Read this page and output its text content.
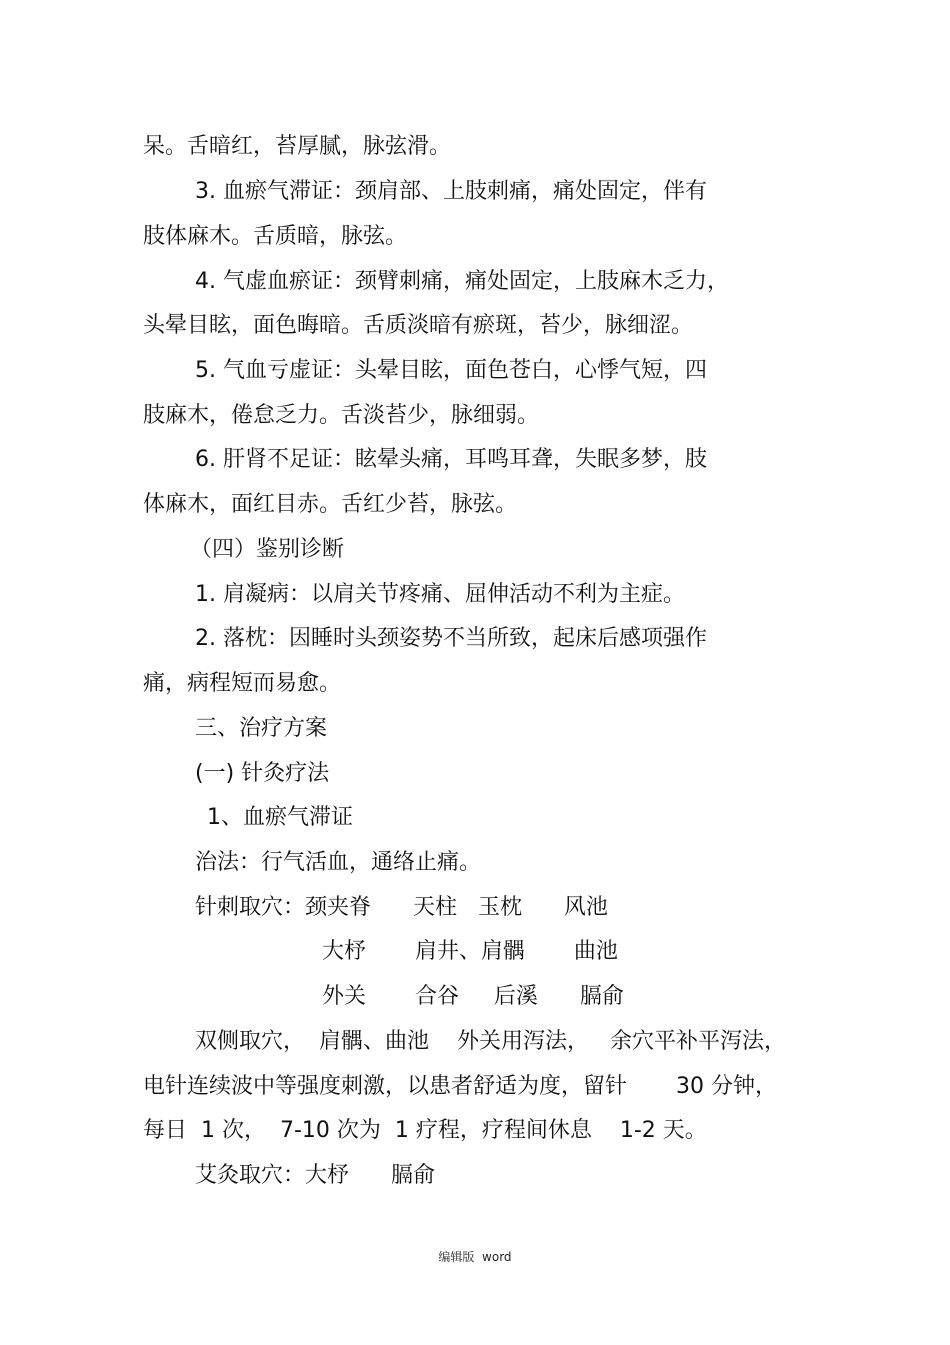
呆。舌暗红，苔厚腻，脉弦滑。
3. 血瘀气滞证：颈肩部、上肢刺痛，痛处固定，伴有
肢体麻木。舌质暗，脉弦。
4. 气虚血瘀证：颈臂刺痛，痛处固定，上肢麻木乏力，
头晕目眩，面色晦暗。舌质淡暗有瘀斑，苔少，脉细涩。
5. 气血亏虚证：头晕目眩，面色苍白，心悸气短，四
肢麻木，倦怠乏力。舌淡苔少，脉细弱。
6. 肝肾不足证：眩晕头痛，耳鸣耳聋，失眠多梦，肢
体麻木，面红目赤。舌红少苔，脉弦。
（四）鉴别诊断
1. 肩凝病：以肩关节疼痛、屈伸活动不利为主症。
2. 落枕：因睡时头颈姿势不当所致，起床后感项强作
痛，病程短而易愈。
三、治疗方案
(一) 针灸疗法
1、血瘀气滞证
治法：行气活血，通络止痛。
针刺取穴：颈夹脊      天柱   玉枕      风池
大杼       肩井、肩髃       曲池
外关       合谷     后溪      膈俞
双侧取穴，  肩髃、曲池    外关用泻法，   余穴平补平泻法，
电针连续波中等强度刺激，以患者舒适为度，留针       30 分钟，
每日  1 次，  7-10 次为  1 疗程，疗程间休息    1-2 天。
艾灸取穴：大杼      膈俞
编辑版  word
